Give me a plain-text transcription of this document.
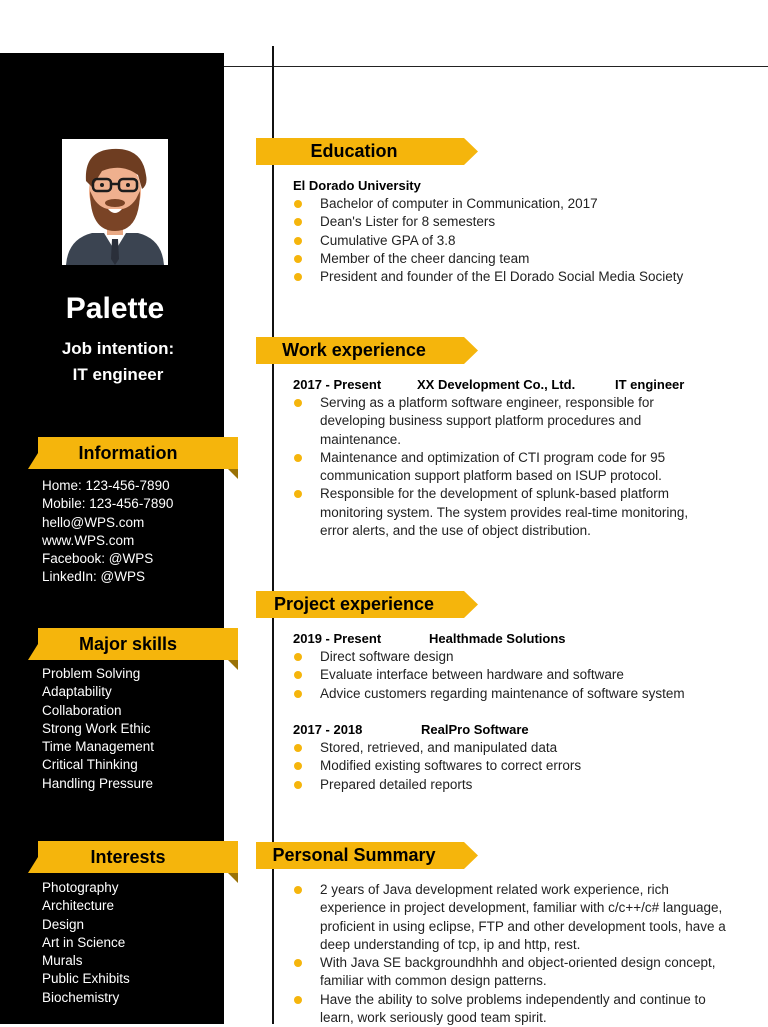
Palette
Job intention:
IT engineer
Information
Home: 123-456-7890
Mobile: 123-456-7890
hello@WPS.com
www.WPS.com
Facebook: @WPS
LinkedIn: @WPS
Major skills
Problem Solving
Adaptability
Collaboration
Strong Work Ethic
Time Management
Critical Thinking
Handling Pressure
Interests
Photography
Architecture
Design
Art in Science
Murals
Public Exhibits
Biochemistry
Education
El Dorado University
Bachelor of computer in Communication, 2017
Dean's Lister for 8 semesters
Cumulative GPA of 3.8
Member of the cheer dancing team
President and founder of the El Dorado Social Media Society
Work experience
2017 - Present	XX Development Co., Ltd.	IT engineer
Serving as a platform software engineer, responsible for developing business support platform procedures and maintenance.
Maintenance and optimization of CTI program code for 95 communication support platform based on ISUP protocol.
Responsible for the development of splunk-based platform monitoring system. The system provides real-time monitoring, error alerts, and the use of object distribution.
Project experience
2019 - Present	Healthmade Solutions
Direct software design
Evaluate interface between hardware and software
Advice customers regarding maintenance of software system
2017 - 2018	RealPro Software
Stored, retrieved, and manipulated data
Modified existing softwares to correct errors
Prepared detailed reports
Personal Summary
2 years of Java development related work experience, rich experience in project development, familiar with c/c++/c# language, proficient in using eclipse, FTP and other development tools, have a deep understanding of tcp, ip and http, rest.
With Java SE backgroundhhh and object-oriented design concept, familiar with common design patterns.
Have the ability to solve problems independently and continue to learn, work seriously good team spirit.
